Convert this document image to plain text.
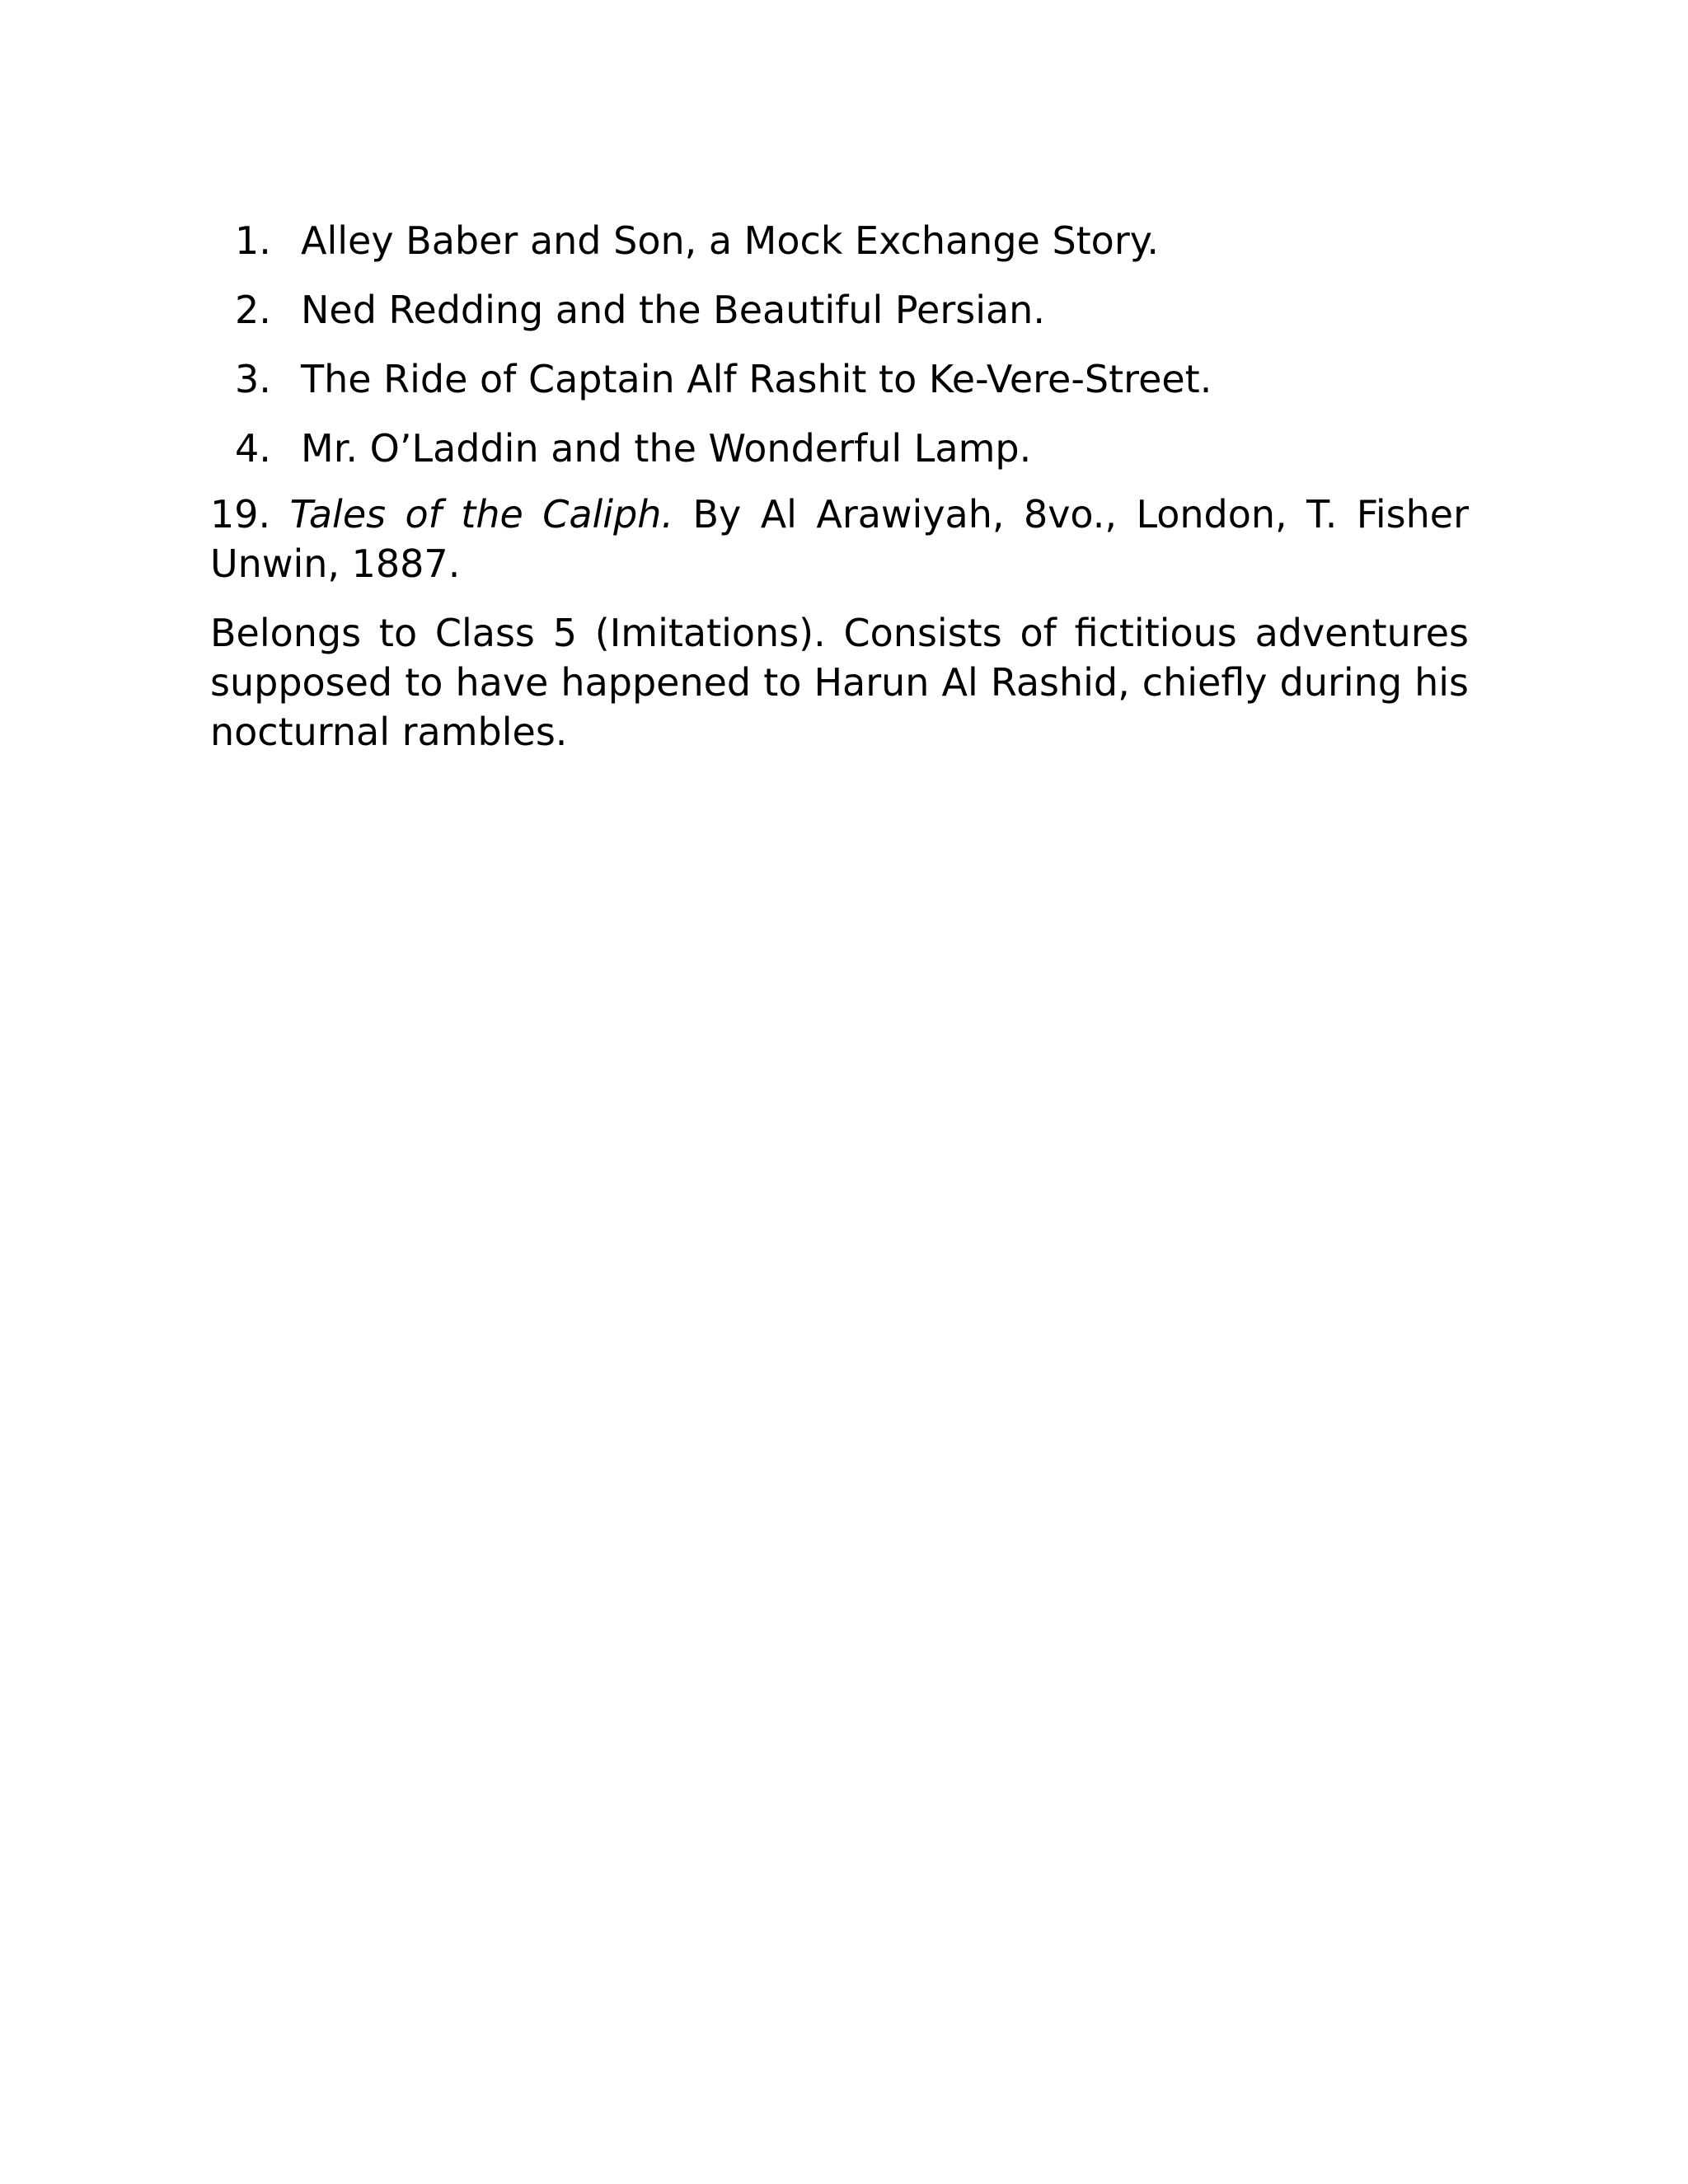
1. Alley Baber and Son, a Mock Exchange Story.
2. Ned Redding and the Beautiful Persian.
3. The Ride of Captain Alf Rashit to Ke-Vere-Street.
4. Mr. O’Laddin and the Wonderful Lamp.

19. Tales of the Caliph. By Al Arawiyah, 8vo., London, T. Fisher Unwin, 1887.

Belongs to Class 5 (Imitations). Consists of fictitious adventures supposed to have happened to Harun Al Rashid, chiefly during his nocturnal rambles.
